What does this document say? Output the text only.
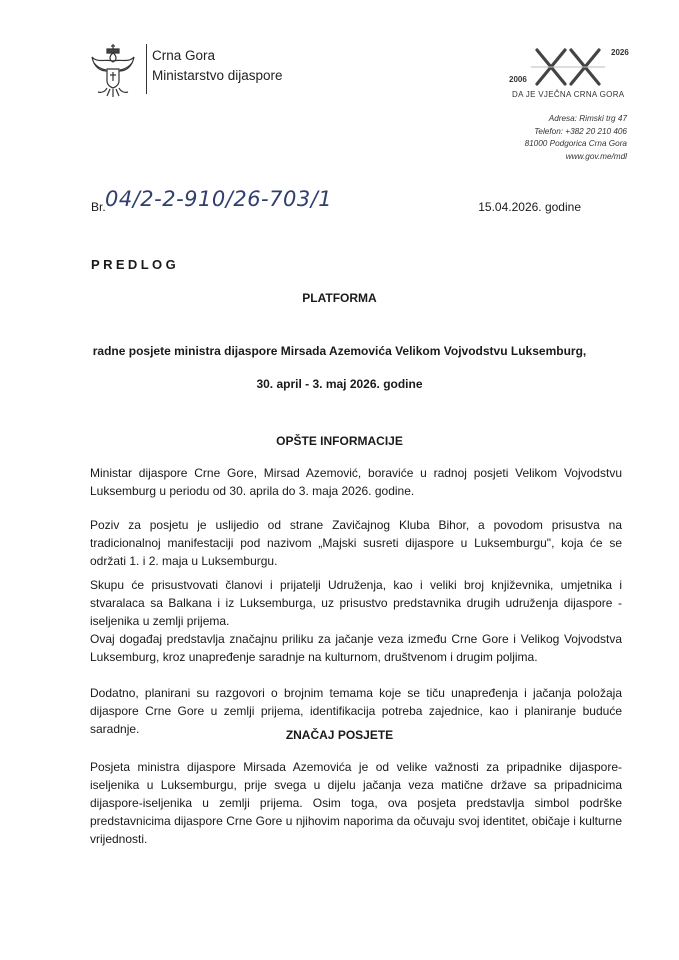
Crna Gora
Ministarstvo dijaspore	2006
2026
DA JE VJEČNA CRNA GORA
Adresa: Rimski trg 47
Telefon: +382 20 210 406
81000 Podgorica Crna Gora
www.gov.me/mdl
Br. 04/2-2-910/26-703/1	15.04.2026. godine
PREDLOG
PLATFORMA
radne posjete ministra dijaspore Mirsada Azemovića Velikom Vojvodstvu Luksemburg,
30. april - 3. maj 2026. godine
OPŠTE INFORMACIJE
Ministar dijaspore Crne Gore, Mirsad Azemović, boraviće u radnoj posjeti Velikom Vojvodstvu Luksemburg u periodu od 30. aprila do 3. maja 2026. godine.
Poziv za posjetu je uslijedio od strane Zavičajnog Kluba Bihor, a povodom prisustva na tradicionalnoj manifestaciji pod nazivom „Majski susreti dijaspore u Luksemburgu", koja će se održati 1. i 2. maja u Luksemburgu.
Skupu će prisustvovati članovi i prijatelji Udruženja, kao i veliki broj književnika, umjetnika i stvaralaca sa Balkana i iz Luksemburga, uz prisustvo predstavnika drugih udruženja dijaspore - iseljenika u zemlji prijema.
Ovaj događaj predstavlja značajnu priliku za jačanje veza između Crne Gore i Velikog Vojvodstva Luksemburg, kroz unapređenje saradnje na kulturnom, društvenom i drugim poljima.
Dodatno, planirani su razgovori o brojnim temama koje se tiču unapređenja i jačanja položaja dijaspore Crne Gore u zemlji prijema, identifikacija potreba zajednice, kao i planiranje buduće saradnje.	ZNAČAJ POSJETE
Posjeta ministra dijaspore Mirsada Azemovića je od velike važnosti za pripadnike dijaspore-iseljenika u Luksemburgu, prije svega u dijelu jačanja veza matične države sa pripadnicima dijaspore-iseljenika u zemlji prijema. Osim toga, ova posjeta predstavlja simbol podrške predstavnicima dijaspore Crne Gore u njihovim naporima da očuvaju svoj identitet, običaje i kulturne vrijednosti.
